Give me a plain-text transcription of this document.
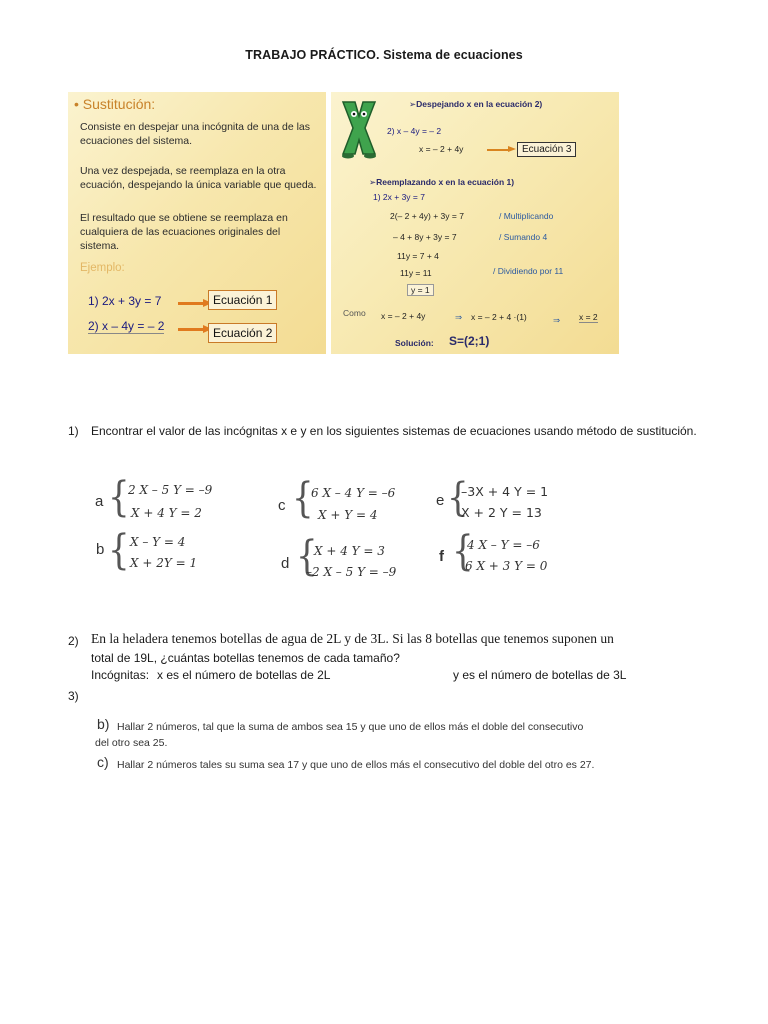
TRABAJO PRÁCTICO. Sistema de ecuaciones
• Sustitución:
Consiste en despejar una incógnita de una de las ecuaciones del sistema.
Una vez despejada, se reemplaza en la otra ecuación, despejando la única variable que queda.
El resultado que se obtiene se reemplaza en cualquiera de las ecuaciones originales del sistema.
Ejemplo:
1) 2x + 3y = 7	Ecuación 1
2) x – 4y = – 2	Ecuación 2
➢Despejando x en la ecuación 2)
2) x – 4y = – 2
x = – 2 + 4y	Ecuación 3
➢Reemplazando x en la ecuación 1)
1) 2x + 3y = 7
2(– 2 + 4y) + 3y = 7	/ Multiplicando
– 4 + 8y + 3y = 7	/ Sumando 4
11y = 7 + 4
11y = 11	/ Dividiendo por 11
y = 1
Como x = – 2 + 4y	⇒ x = – 2 + 4 ·(1)	⇒ x = 2
Solución: S=(2;1)
1) Encontrar el valor de las incógnitas x e y en los siguientes sistemas de ecuaciones usando método de sustitución.
a {
2 X – 5 Y = –9
X + 4 Y = 2
b { X – Y = 4
X + 2Y = 1
c {
6 X – 4 Y = –6
X + Y = 4
d {
X + 4 Y = 3
–2 X – 5 Y = –9
e {
–3X + 4 Y = 1
X + 2 Y = 13
f {
4 X – Y = –6
6 X + 3 Y = 0
2) En la heladera tenemos botellas de agua de 2L y de 3L. Si las 8 botellas que tenemos suponen un
total de 19L, ¿cuántas botellas tenemos de cada tamaño?
Incógnitas: x es el número de botellas de 2L	y es el número de botellas de 3L
3)
b) Hallar 2 números, tal que la suma de ambos sea 15 y que uno de ellos más el doble del consecutivo
del otro sea 25.
c) Hallar 2 números tales su suma sea 17 y que uno de ellos más el consecutivo del doble del otro es 27.
